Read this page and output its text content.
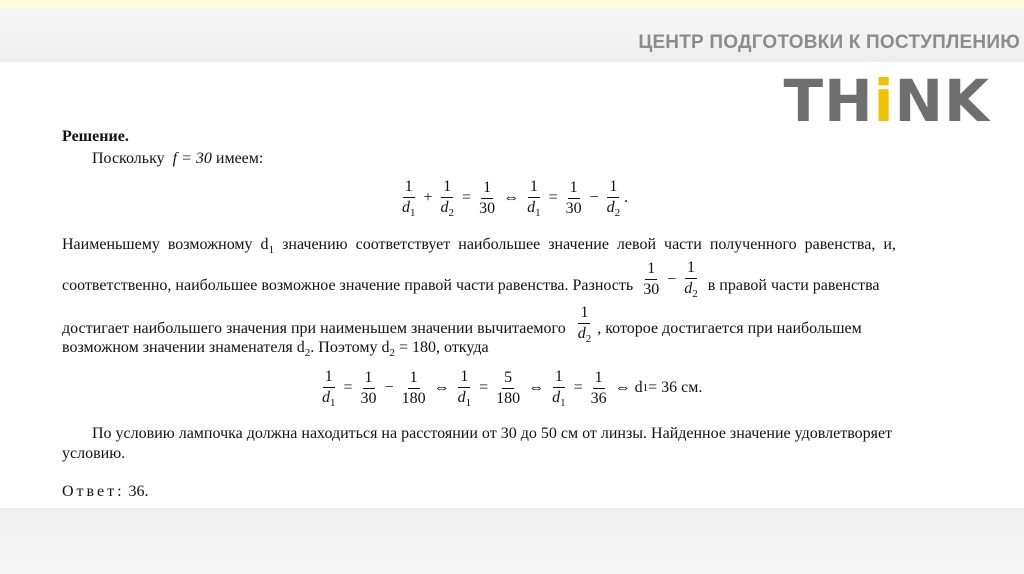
ЦЕНТР ПОДГОТОВКИ К ПОСТУПЛЕНИЮ
THiNK
Решение.
Поскольку f = 30 имеем:
$\frac{1}{d_1} + \frac{1}{d_2} = \frac{1}{30}$ ⇔ $\frac{1}{d_1} = \frac{1}{30} - \frac{1}{d_2}$ .
Наименьшему возможному $d_1$ значению соответствует наибольшее значение левой части полученного равенства, и,
соответственно, наибольшее возможное значение правой части равенства. Разность $\frac{1}{30} - \frac{1}{d_2}$ в правой части равенства
достигает наибольшего значения при наименьшем значении вычитаемого $\frac{1}{d_2}$ , которое достигается при наибольшем
возможном значении знаменателя $d_2$. Поэтому $d_2 = 180$, откуда
$\frac{1}{d_1} = \frac{1}{30} - \frac{1}{180}$ ⇔ $\frac{1}{d_1} = \frac{5}{180}$ ⇔ $\frac{1}{d_1} = \frac{1}{36}$ ⇔ d 1 = 36 см.
По условию лампочка должна находиться на расстоянии от 30 до 50 см от линзы. Найденное значение удовлетворяет
условию.
Ответ: 36.
